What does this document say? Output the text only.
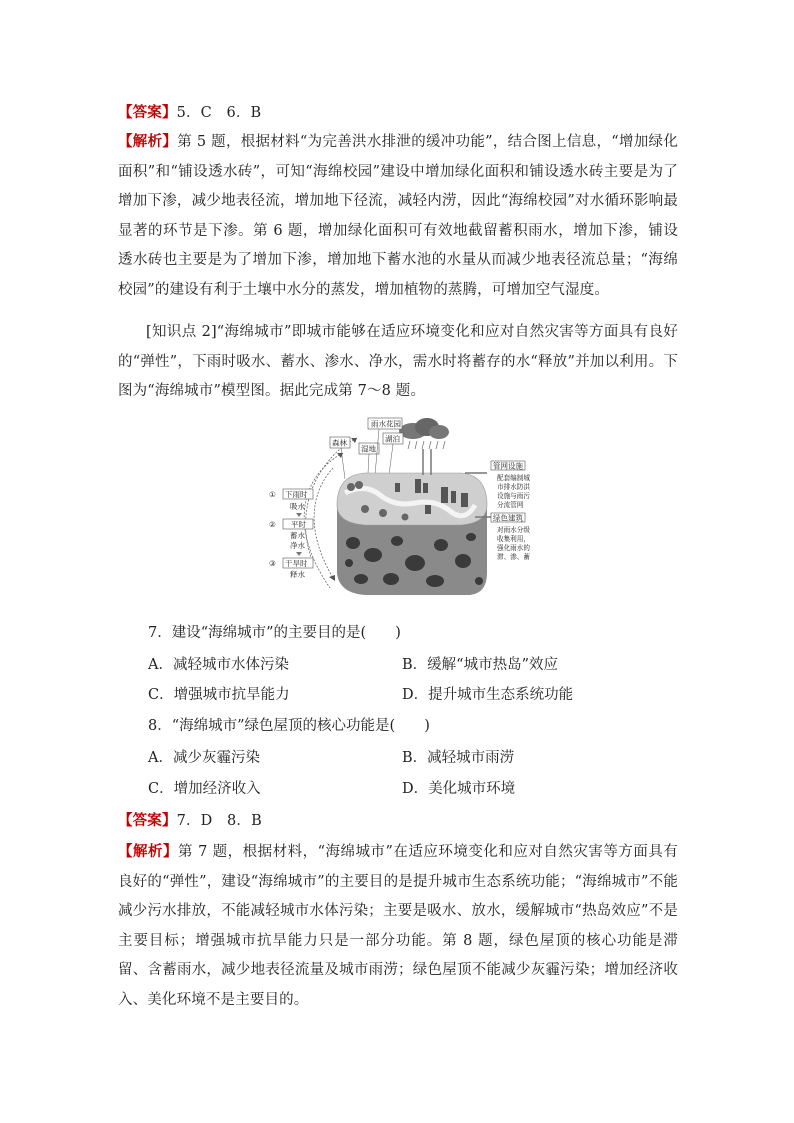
【答案】5．C　6．B
【解析】第 5 题，根据材料“为完善洪水排泄的缓冲功能”，结合图上信息，“增加绿化面积”和“铺设透水砖”，可知“海绵校园”建设中增加绿化面积和铺设透水砖主要是为了增加下渗，减少地表径流，增加地下径流，减轻内涝，因此“海绵校园”对水循环影响最显著的环节是下渗。第 6 题，增加绿化面积可有效地截留蓄积雨水，增加下渗，铺设透水砖也主要是为了增加下渗，增加地下蓄水池的水量从而减少地表径流总量；“海绵校园”的建设有利于土壤中水分的蒸发，增加植物的蒸腾，可增加空气湿度。
[知识点 2]“海绵城市”即城市能够在适应环境变化和应对自然灾害等方面具有良好的“弹性”，下雨时吸水、蓄水、渗水、净水，需水时将蓄存的水“释放”并加以利用。下图为“海绵城市”模型图。据此完成第 7～8 题。
雨水花园
森林	湖泊
湿地
① 下雨时
吸水
② 平时
蓄水
净水
③ 干旱时
释水
管网设施
配套编制城
市排水防洪
设施与雨污
分流管网
绿色建筑
对雨水分级
收集利用，
强化雨水的
滞、渗、蓄
7．建设“海绵城市”的主要目的是(　　)
A．减轻城市水体污染	B．缓解“城市热岛”效应
C．增强城市抗旱能力	D．提升城市生态系统功能
8．“海绵城市”绿色屋顶的核心功能是(　　)
A．减少灰霾污染	B．减轻城市雨涝
C．增加经济收入	D．美化城市环境
【答案】7．D　8．B
【解析】第 7 题，根据材料，“海绵城市”在适应环境变化和应对自然灾害等方面具有良好的“弹性”，建设“海绵城市”的主要目的是提升城市生态系统功能；“海绵城市”不能减少污水排放，不能减轻城市水体污染；主要是吸水、放水，缓解城市“热岛效应”不是主要目标；增强城市抗旱能力只是一部分功能。第 8 题，绿色屋顶的核心功能是滞留、含蓄雨水，减少地表径流量及城市雨涝；绿色屋顶不能减少灰霾污染；增加经济收入、美化环境不是主要目的。
